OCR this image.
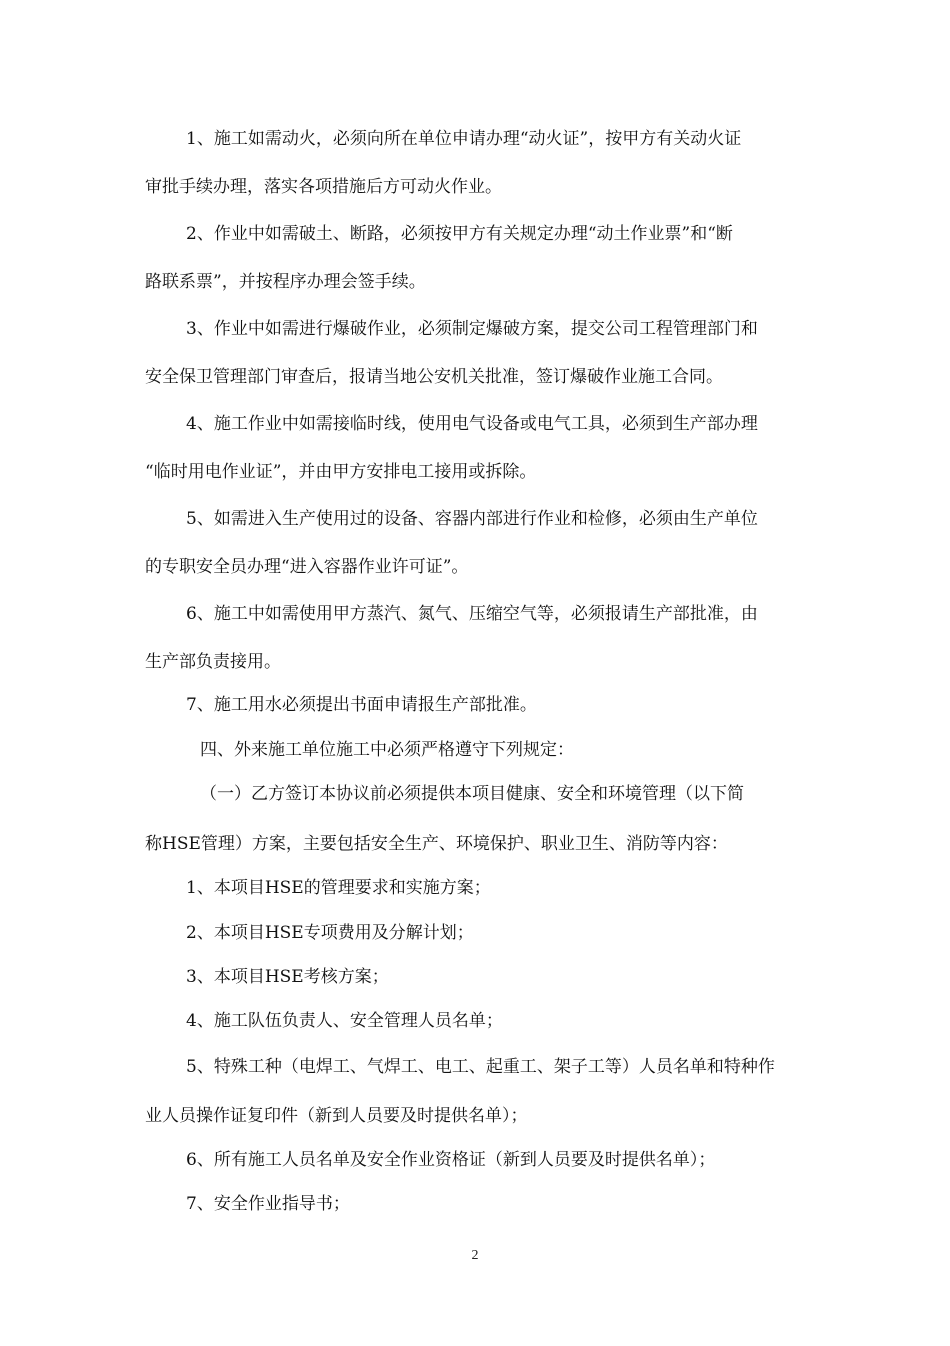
1、施工如需动火，必须向所在单位申请办理“动火证”，按甲方有关动火证
审批手续办理，落实各项措施后方可动火作业。
2、作业中如需破土、断路，必须按甲方有关规定办理“动土作业票”和“断
路联系票”，并按程序办理会签手续。
3、作业中如需进行爆破作业，必须制定爆破方案，提交公司工程管理部门和
安全保卫管理部门审查后，报请当地公安机关批准，签订爆破作业施工合同。
4、施工作业中如需接临时线，使用电气设备或电气工具，必须到生产部办理
“临时用电作业证”，并由甲方安排电工接用或拆除。
5、如需进入生产使用过的设备、容器内部进行作业和检修，必须由生产单位
的专职安全员办理“进入容器作业许可证”。
6、施工中如需使用甲方蒸汽、氮气、压缩空气等，必须报请生产部批准，由
生产部负责接用。
7、施工用水必须提出书面申请报生产部批准。
四、外来施工单位施工中必须严格遵守下列规定：
（一）乙方签订本协议前必须提供本项目健康、安全和环境管理（以下简
称HSE管理）方案，主要包括安全生产、环境保护、职业卫生、消防等内容：
1、本项目HSE的管理要求和实施方案；
2、本项目HSE专项费用及分解计划；
3、本项目HSE考核方案；
4、施工队伍负责人、安全管理人员名单；
5、特殊工种（电焊工、气焊工、电工、起重工、架子工等）人员名单和特种作
业人员操作证复印件（新到人员要及时提供名单）；
6、所有施工人员名单及安全作业资格证（新到人员要及时提供名单）；
7、安全作业指导书；
2
